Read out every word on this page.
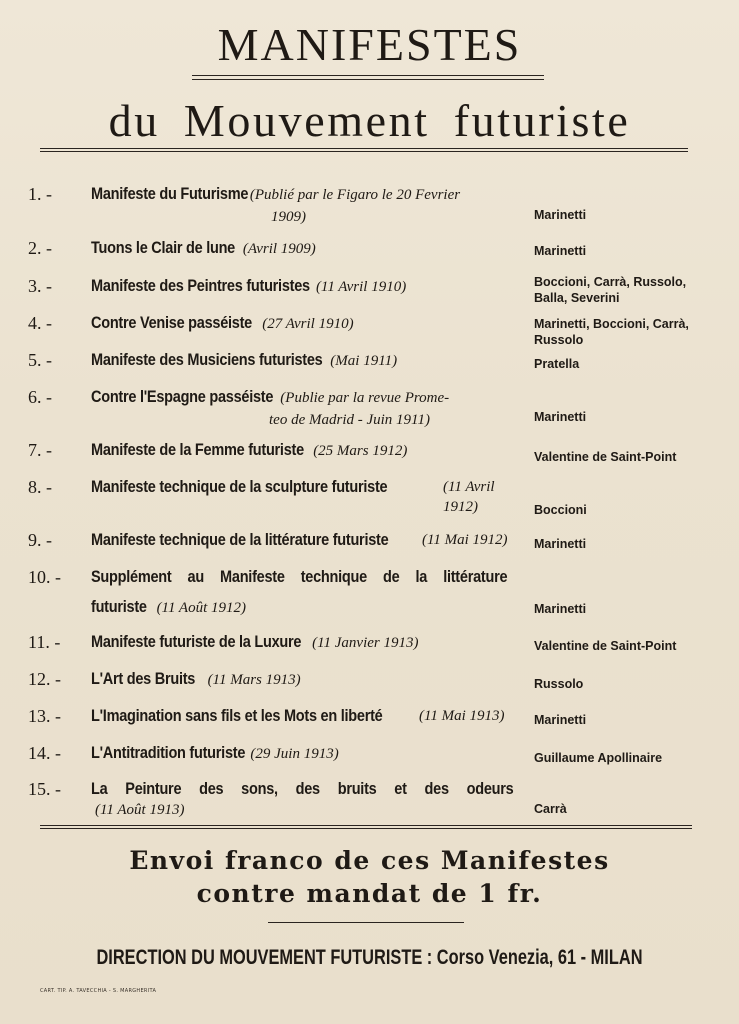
MANIFESTES
du Mouvement futuriste
1. -	Manifeste du Futurisme (Publié par le Figaro le 20 Fevrier
1909)	Marinetti
2. -	Tuons le Clair de lune (Avril 1909)	Marinetti
3. -	Manifeste des Peintres futuristes (11 Avril 1910)	Boccioni, Carrà, Russolo, Balla, Severini
4. -	Contre Venise passéiste (27 Avril 1910)	Marinetti, Boccioni, Carrà, Russolo
5. -	Manifeste des Musiciens futuristes (Mai 1911)	Pratella
6. -	Contre l'Espagne passéiste (Publie par la revue Prome-
teo de Madrid - Juin 1911)	Marinetti
7. -	Manifeste de la Femme futuriste (25 Mars 1912)	Valentine de Saint-Point
8. -	Manifeste technique de la sculpture futuriste	(11 Avril
1912)	Boccioni
9. -	Manifeste technique de la littérature futuriste (11 Mai 1912) Marinetti
10. -	Supplément au Manifeste technique de la littérature
futuriste (11 Août 1912)	Marinetti
11. -	Manifeste futuriste de la Luxure (11 Janvier 1913)	Valentine de Saint-Point
12. -	L'Art des Bruits (11 Mars 1913)	Russolo
13. -	L'Imagination sans fils et les Mots en liberté (11 Mai 1913) Marinetti
14. -	L'Antitradition futuriste (29 Juin 1913)	Guillaume Apollinaire
15. -	La Peinture des sons, des bruits et des odeurs
(11 Août 1913)	Carrà
Envoi franco de ces Manifestes
contre mandat de 1 fr.
DIRECTION DU MOUVEMENT FUTURISTE : Corso Venezia, 61 - MILAN
CART. TIP. A. TAVECCHIA - S. MARGHERITA
